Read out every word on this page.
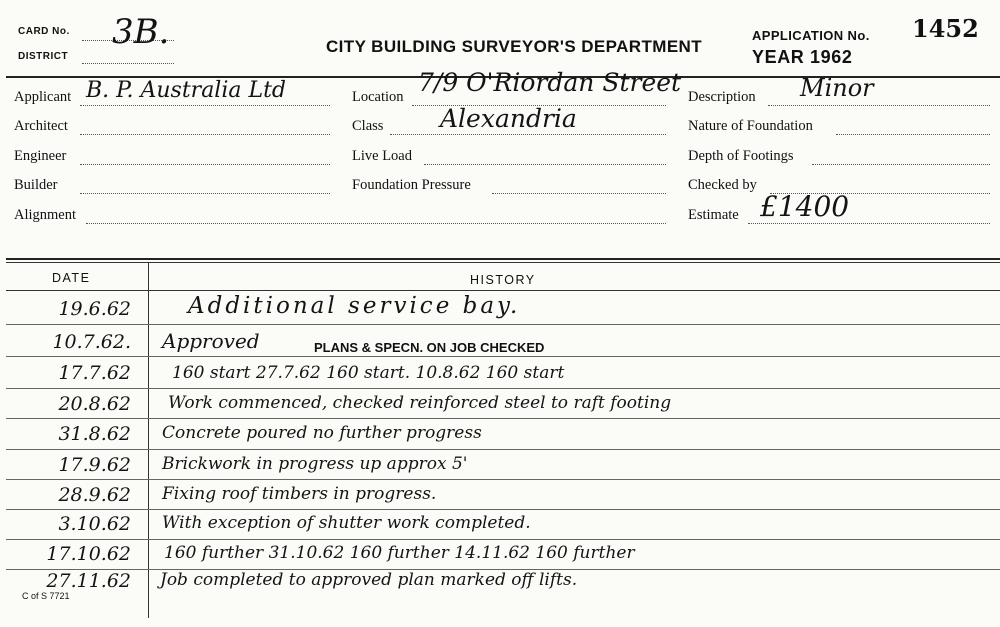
CARD No. 3B.
DISTRICT
CITY BUILDING SURVEYOR'S DEPARTMENT
APPLICATION No. 1452
YEAR 1962
Applicant B. P. Australia Ltd
Architect
Engineer
Builder
Alignment
Location 7/9 O'Riordan Street
Class Alexandria
Live Load
Foundation Pressure
Description Minor
Nature of Foundation
Depth of Footings
Checked by
Estimate £1400
DATE	HISTORY
19.6.62 Additional service bay.
10.7.62. Approved	PLANS & SPECN. ON JOB CHECKED
17.7.62 160 start 27.7.62 160 start. 10.8.62 160 start
20.8.62 Work commenced, checked reinforced steel to raft footing
31.8.62 Concrete poured no further progress
17.9.62 Brickwork in progress up approx 5'
28.9.62 Fixing roof timbers in progress.
3.10.62 With exception of shutter work completed.
17.10.62 160 further 31.10.62 160 further 14.11.62 160 further
27.11.62 Job completed to approved plan marked off lifts.
C of S 7721
